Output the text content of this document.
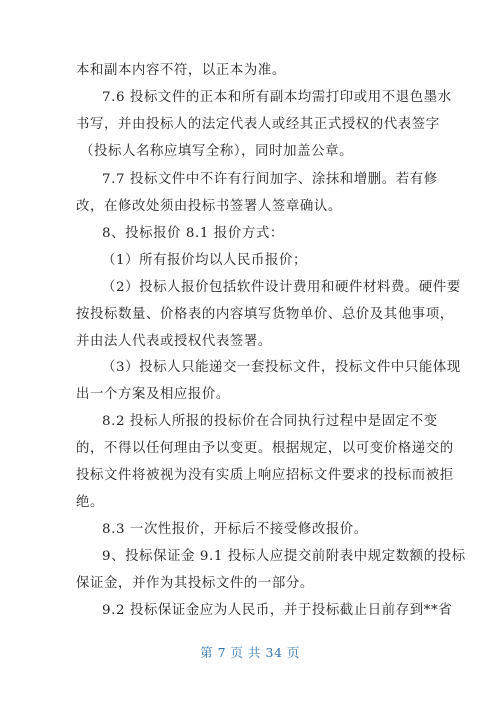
本和副本内容不符，以正本为准。
7.6 投标文件的正本和所有副本均需打印或用不退色墨水
书写，并由投标人的法定代表人或经其正式授权的代表签字
（投标人名称应填写全称），同时加盖公章。
7.7 投标文件中不许有行间加字、涂抹和增删。若有修
改，在修改处须由投标书签署人签章确认。
8、投标报价 8.1 报价方式：
（1）所有报价均以人民币报价；
（2）投标人报价包括软件设计费用和硬件材料费。硬件要
按投标数量、价格表的内容填写货物单价、总价及其他事项，
并由法人代表或授权代表签署。
（3）投标人只能递交一套投标文件，投标文件中只能体现
出一个方案及相应报价。
8.2 投标人所报的投标价在合同执行过程中是固定不变
的，不得以任何理由予以变更。根据规定，以可变价格递交的
投标文件将被视为没有实质上响应招标文件要求的投标而被拒
绝。
8.3 一次性报价，开标后不接受修改报价。
9、投标保证金 9.1 投标人应提交前附表中规定数额的投标
保证金，并作为其投标文件的一部分。
9.2 投标保证金应为人民币，并于投标截止日前存到**省
第 7 页 共 34 页
